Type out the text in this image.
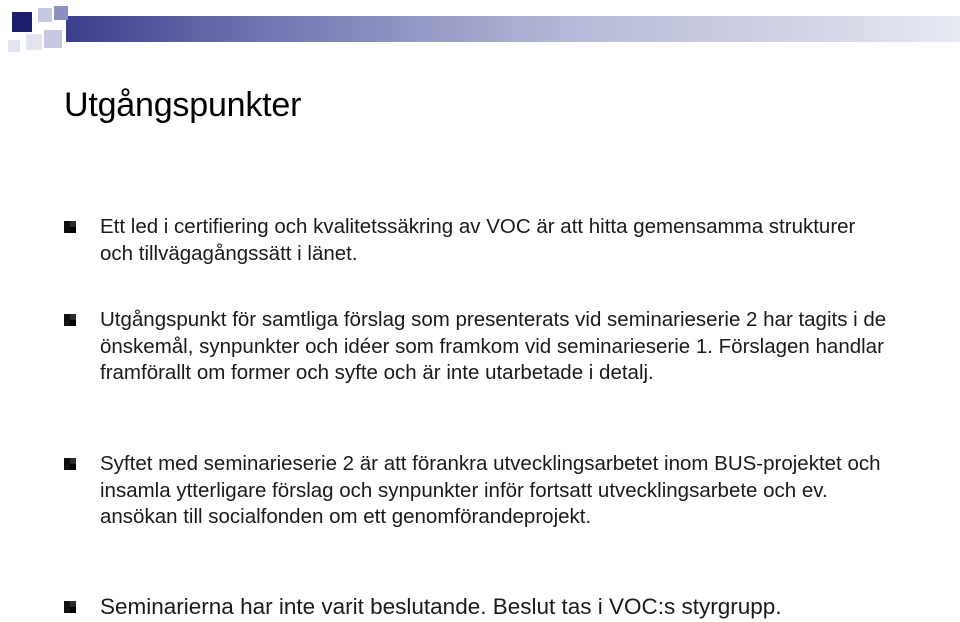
Utgångspunkter
Ett led i certifiering och kvalitetssäkring av VOC är att hitta gemensamma strukturer och tillvägagångssätt i länet.
Utgångspunkt för samtliga förslag som presenterats vid seminarieserie 2 har tagits i de önskemål, synpunkter och idéer som framkom vid seminarieserie 1. Förslagen handlar framförallt om former och syfte och är inte utarbetade i detalj.
Syftet med seminarieserie 2 är att förankra utvecklingsarbetet inom BUS-projektet och insamla ytterligare förslag och synpunkter inför fortsatt utvecklingsarbete och ev. ansökan till socialfonden om ett genomförandeprojekt.
Seminarierna har inte varit beslutande. Beslut tas i VOC:s styrgrupp.
